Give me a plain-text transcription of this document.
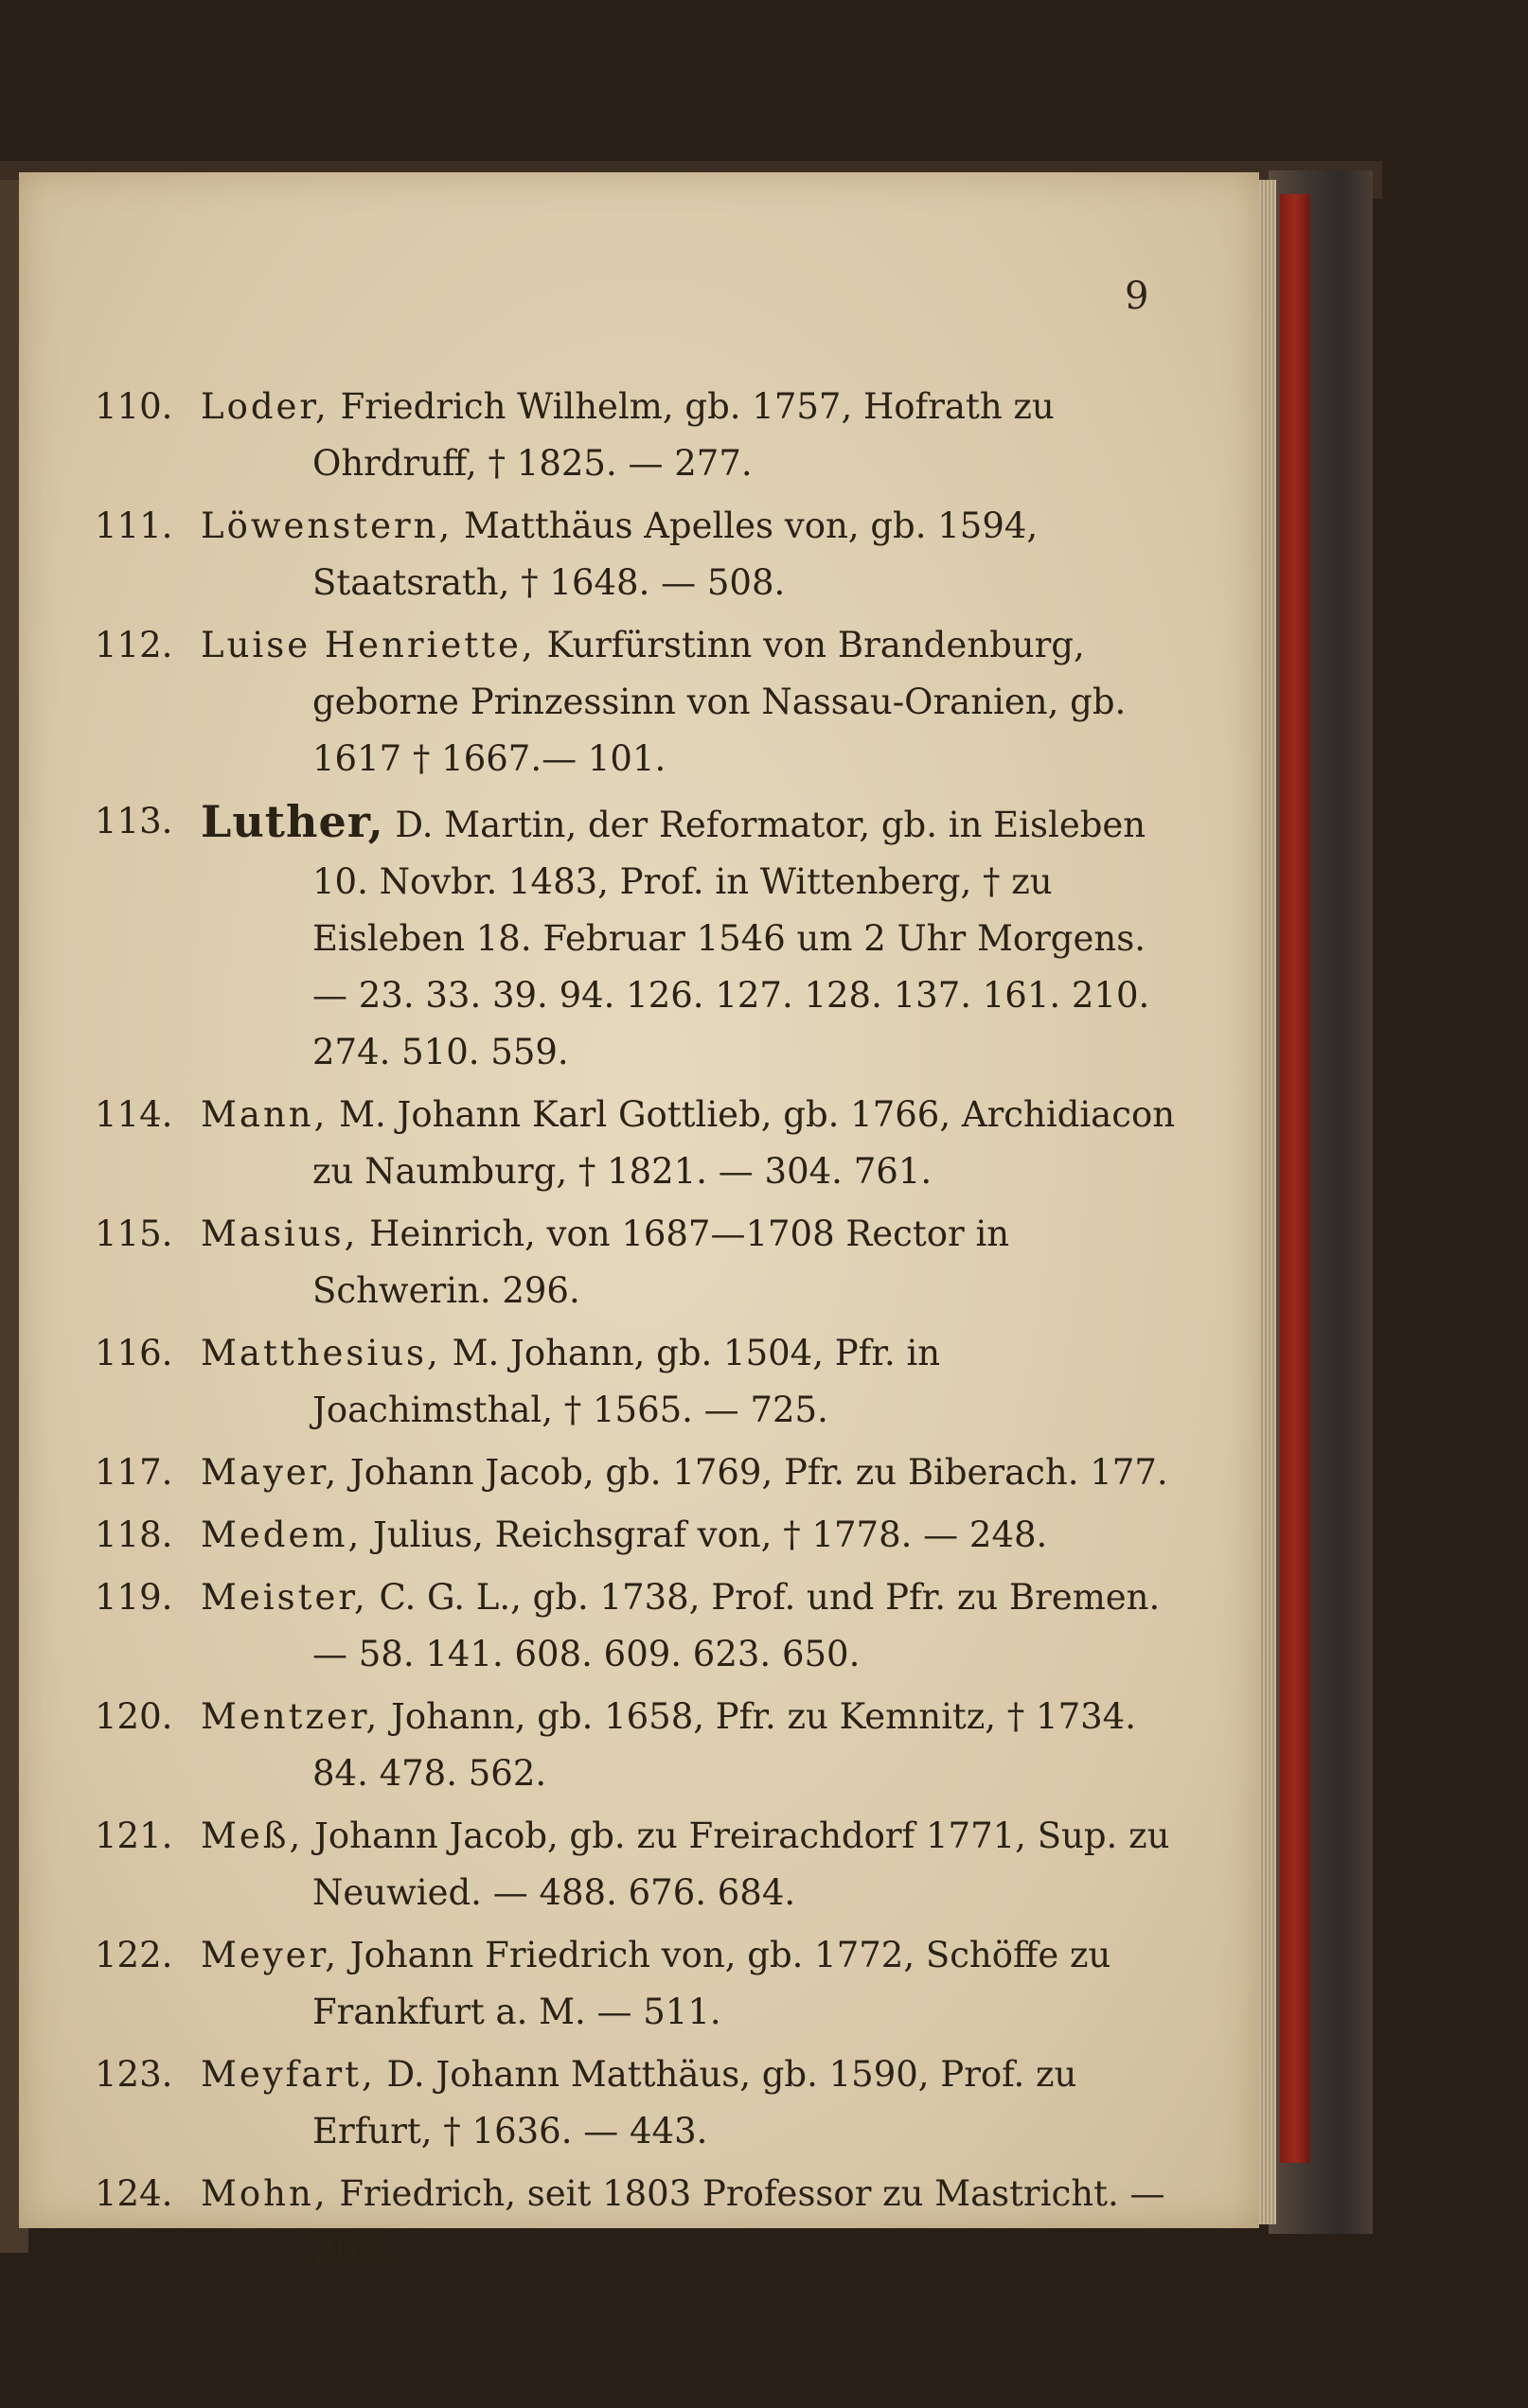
9
110. Loder, Friedrich Wilhelm, gb. 1757, Hofrath zu Ohrdruff, † 1825. — 277.
111. Löwenstern, Matthäus Apelles von, gb. 1594, Staatsrath, † 1648. — 508.
112. Luise Henriette, Kurfürstinn von Brandenburg, geborne Prinzessinn von Nassau-Oranien, gb. 1617 † 1667.— 101.
113. Luther, D. Martin, der Reformator, gb. in Eisleben 10. Novbr. 1483, Prof. in Wittenberg, † zu Eisleben 18. Februar 1546 um 2 Uhr Morgens. — 23. 33. 39. 94. 126. 127. 128. 137. 161. 210. 274. 510. 559.
114. Mann, M. Johann Karl Gottlieb, gb. 1766, Archidiacon zu Naumburg, † 1821. — 304. 761.
115. Masius, Heinrich, von 1687—1708 Rector in Schwerin. 296.
116. Matthesius, M. Johann, gb. 1504, Pfr. in Joachimsthal, † 1565. — 725.
117. Mayer, Johann Jacob, gb. 1769, Pfr. zu Biberach. 177.
118. Medem, Julius, Reichsgraf von, † 1778. — 248.
119. Meister, C. G. L., gb. 1738, Prof. und Pfr. zu Bremen. — 58. 141. 608. 609. 623. 650.
120. Mentzer, Johann, gb. 1658, Pfr. zu Kemnitz, † 1734. 84. 478. 562.
121. Meß, Johann Jacob, gb. zu Freirachdorf 1771, Sup. zu Neuwied. — 488. 676. 684.
122. Meyer, Johann Friedrich von, gb. 1772, Schöffe zu Frankfurt a. M. — 511.
123. Meyfart, D. Johann Matthäus, gb. 1590, Prof. zu Erfurt, † 1636. — 443.
124. Mohn, Friedrich, seit 1803 Professor zu Mastricht. — 261.
